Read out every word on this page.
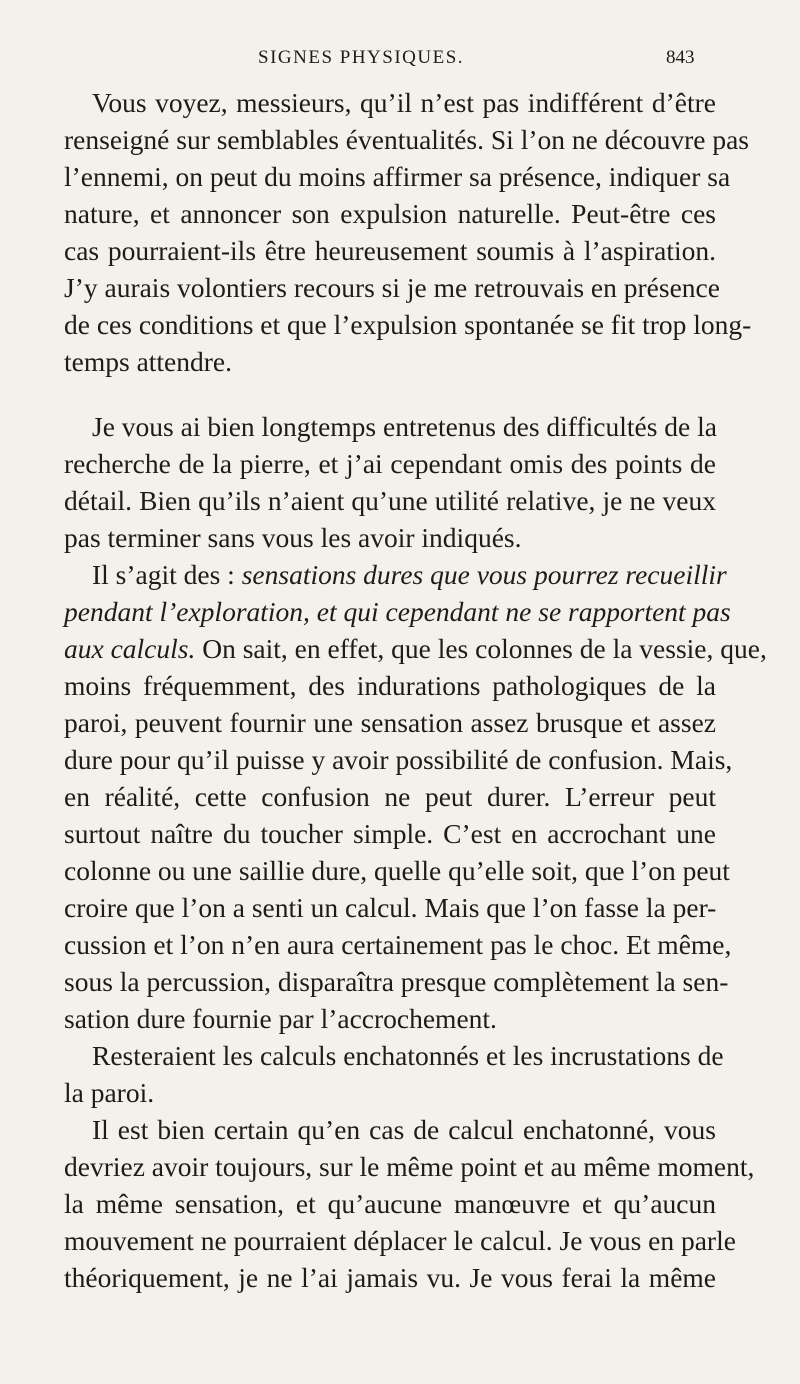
SIGNES PHYSIQUES.	843
Vous voyez, messieurs, qu’il n’est pas indifférent d’être
renseigné sur semblables éventualités. Si l’on ne découvre pas
l’ennemi, on peut du moins affirmer sa présence, indiquer sa
nature, et annoncer son expulsion naturelle. Peut-être ces
cas pourraient-ils être heureusement soumis à l’aspiration.
J’y aurais volontiers recours si je me retrouvais en présence
de ces conditions et que l’expulsion spontanée se fit trop long-
temps attendre.
Je vous ai bien longtemps entretenus des difficultés de la
recherche de la pierre, et j’ai cependant omis des points de
détail. Bien qu’ils n’aient qu’une utilité relative, je ne veux
pas terminer sans vous les avoir indiqués.
Il s’agit des : sensations dures que vous pourrez recueillir
pendant l’exploration, et qui cependant ne se rapportent pas
aux calculs. On sait, en effet, que les colonnes de la vessie, que,
moins fréquemment, des indurations pathologiques de la
paroi, peuvent fournir une sensation assez brusque et assez
dure pour qu’il puisse y avoir possibilité de confusion. Mais,
en réalité, cette confusion ne peut durer. L’erreur peut
surtout naître du toucher simple. C’est en accrochant une
colonne ou une saillie dure, quelle qu’elle soit, que l’on peut
croire que l’on a senti un calcul. Mais que l’on fasse la per-
cussion et l’on n’en aura certainement pas le choc. Et même,
sous la percussion, disparaîtra presque complètement la sen-
sation dure fournie par l’accrochement.
Resteraient les calculs enchatonnés et les incrustations de
la paroi.
Il est bien certain qu’en cas de calcul enchatonné, vous
devriez avoir toujours, sur le même point et au même moment,
la même sensation, et qu’aucune manœuvre et qu’aucun
mouvement ne pourraient déplacer le calcul. Je vous en parle
théoriquement, je ne l’ai jamais vu. Je vous ferai la même
